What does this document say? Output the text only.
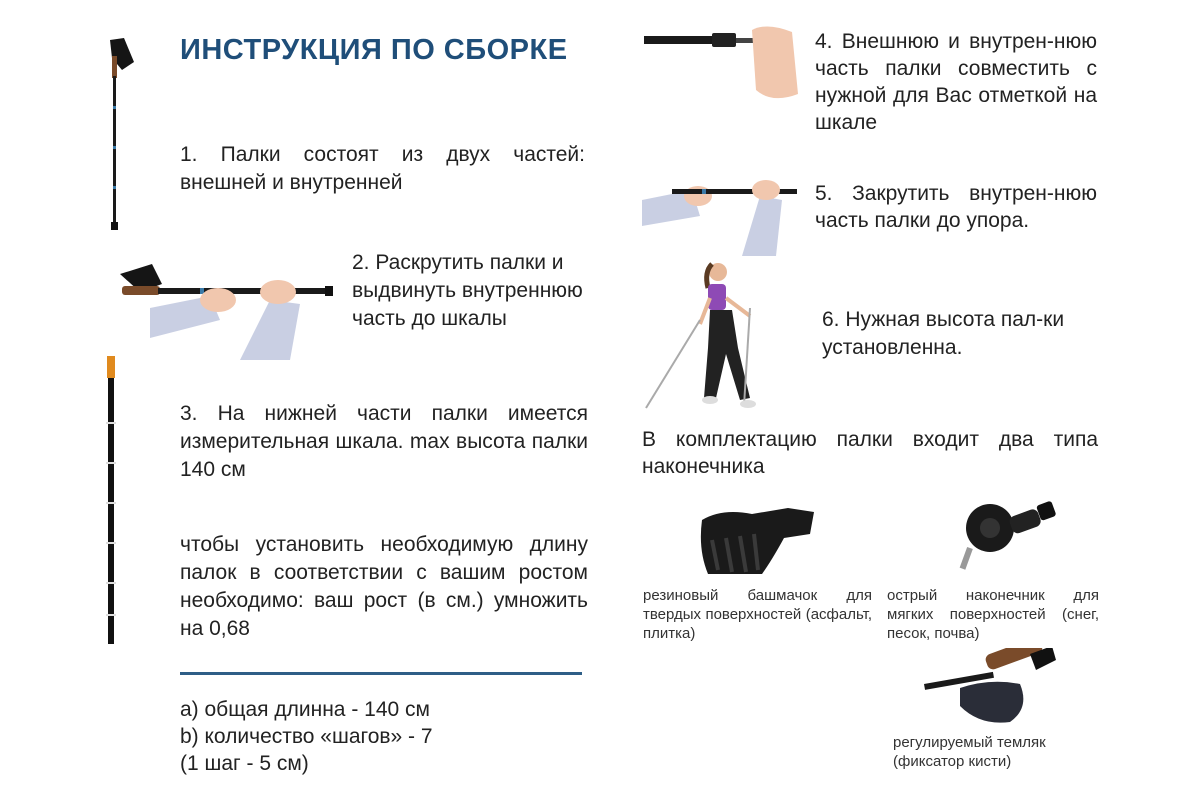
ИНСТРУКЦИЯ ПО СБОРКЕ
1. Палки состоят из двух частей: внешней и внутренней
2. Раскрутить палки и выдвинуть внутреннюю часть до шкалы
3. На нижней части палки имеется измерительная шкала. max высота палки 140 см
чтобы установить необходимую длину палок в соответствии с вашим ростом необходимо: ваш рост (в см.) умножить на 0,68
a) общая длинна - 140 см
b) количество «шагов» - 7
(1 шаг - 5 см)
4. Внешнюю и внутрен-нюю часть палки совместить с нужной для Вас отметкой на шкале
5. Закрутить внутрен-нюю часть палки до упора.
6. Нужная высота пал-ки установленна.
В комплектацию палки входит два типа наконечника
резиновый башмачок для твердых поверхностей (асфальт, плитка)
острый наконечник для мягких поверхностей (снег, песок, почва)
регулируемый темляк (фиксатор кисти)
